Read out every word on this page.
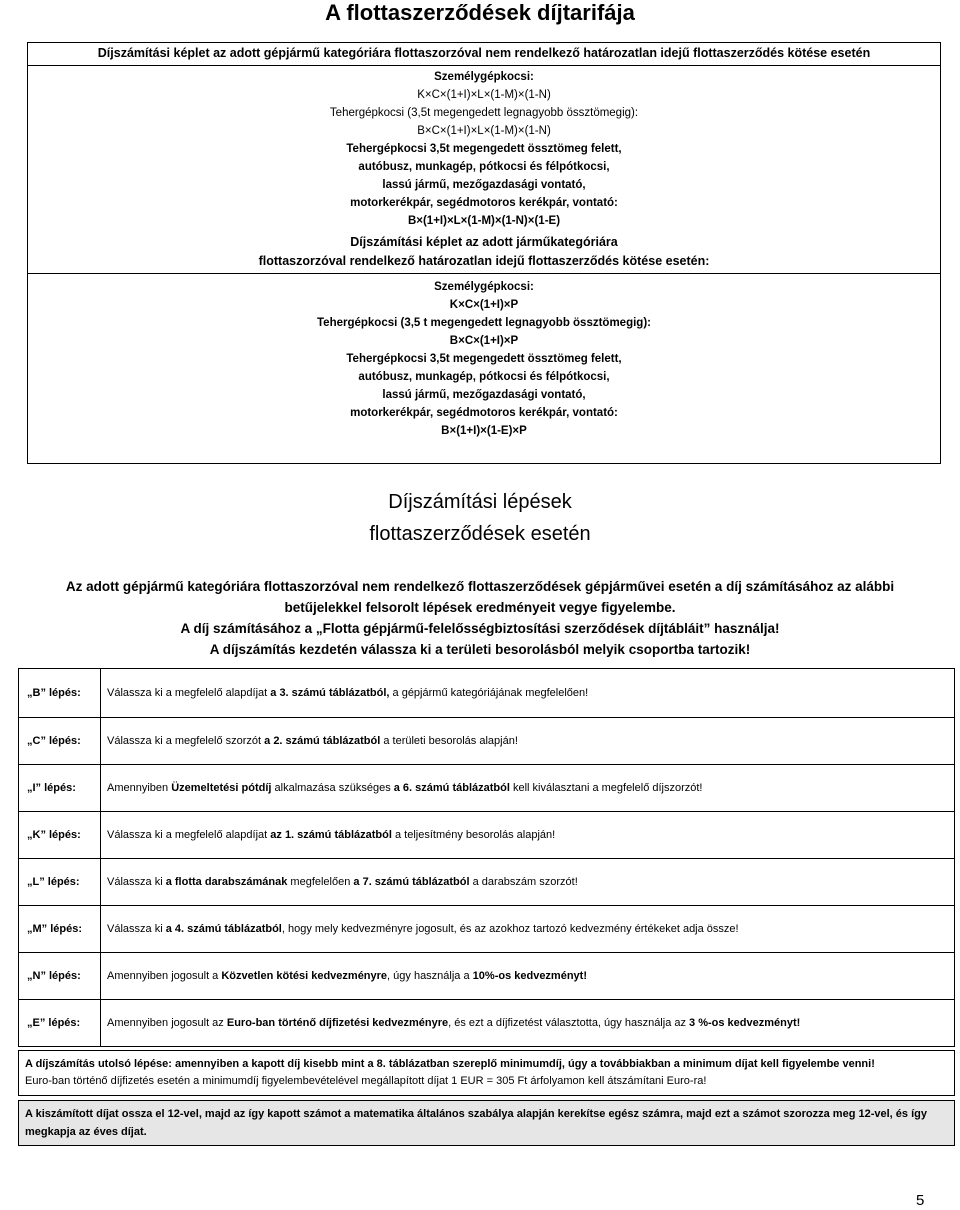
A flottaszerződések díjtarifája
Díjszámítási képlet az adott gépjármű kategóriára flottaszorzóval nem rendelkező határozatlan idejű flottaszerződés kötése esetén
Személygépkocsi:
K×C×(1+I)×L×(1-M)×(1-N)
Tehergépkocsi (3,5t megengedett legnagyobb össztömegig):
B×C×(1+I)×L×(1-M)×(1-N)
Tehergépkocsi 3,5t megengedett össztömeg felett,
autóbusz, munkagép, pótkocsi és félpótkocsi,
lassú jármű, mezőgazdasági vontató,
motorkerékpár, segédmotoros kerékpár, vontató:
B×(1+I)×L×(1-M)×(1-N)×(1-E)
Díjszámítási képlet az adott járműkategóriára
flottaszorzóval rendelkező határozatlan idejű flottaszerződés kötése esetén:
Személygépkocsi:
K×C×(1+I)×P
Tehergépkocsi (3,5 t megengedett legnagyobb össztömegig):
B×C×(1+I)×P
Tehergépkocsi 3,5t megengedett össztömeg felett,
autóbusz, munkagép, pótkocsi és félpótkocsi,
lassú jármű, mezőgazdasági vontató,
motorkerékpár, segédmotoros kerékpár, vontató:
B×(1+I)×(1-E)×P
Díjszámítási lépések
flottaszerződések esetén
Az adott gépjármű kategóriára flottaszorzóval nem rendelkező flottaszerződések gépjárművei esetén a díj számításához az alábbi
betűjelekkel felsorolt lépések eredményeit vegye figyelembe.
A díj számításához a „Flotta gépjármű-felelősségbiztosítási szerződések díjtábláit” használja!
A díjszámítás kezdetén válassza ki a területi besorolásból melyik csoportba tartozik!
„B” lépés:	Válassza ki a megfelelő alapdíjat a 3. számú táblázatból, a gépjármű kategóriájának megfelelően!
„C” lépés:	Válassza ki a megfelelő szorzót a 2. számú táblázatból a területi besorolás alapján!
„I” lépés:	Amennyiben Üzemeltetési pótdíj alkalmazása szükséges a 6. számú táblázatból kell kiválasztani a megfelelő díjszorzót!
„K” lépés:	Válassza ki a megfelelő alapdíjat az 1. számú táblázatból a teljesítmény besorolás alapján!
„L” lépés:	Válassza ki a flotta darabszámának megfelelően a 7. számú táblázatból a darabszám szorzót!
„M” lépés:	Válassza ki a 4. számú táblázatból, hogy mely kedvezményre jogosult, és az azokhoz tartozó kedvezmény értékeket adja össze!
„N” lépés:	Amennyiben jogosult a Közvetlen kötési kedvezményre, úgy használja a 10%-os kedvezményt!
„E” lépés:	Amennyiben jogosult az Euro-ban történő díjfizetési kedvezményre, és ezt a díjfizetést választotta, úgy használja az 3 %-os kedvezményt!
A díjszámítás utolsó lépése: amennyiben a kapott díj kisebb mint a 8. táblázatban szereplő minimumdíj, úgy a továbbiakban a minimum díjat kell figyelembe venni!
Euro-ban történő díjfizetés esetén a minimumdíj figyelembevételével megállapított díjat 1 EUR = 305 Ft árfolyamon kell átszámítani Euro-ra!
A kiszámított díjat ossza el 12-vel, majd az így kapott számot a matematika általános szabálya alapján kerekítse egész számra, majd ezt a számot szorozza meg 12-vel, és így megkapja az éves díjat.
5
